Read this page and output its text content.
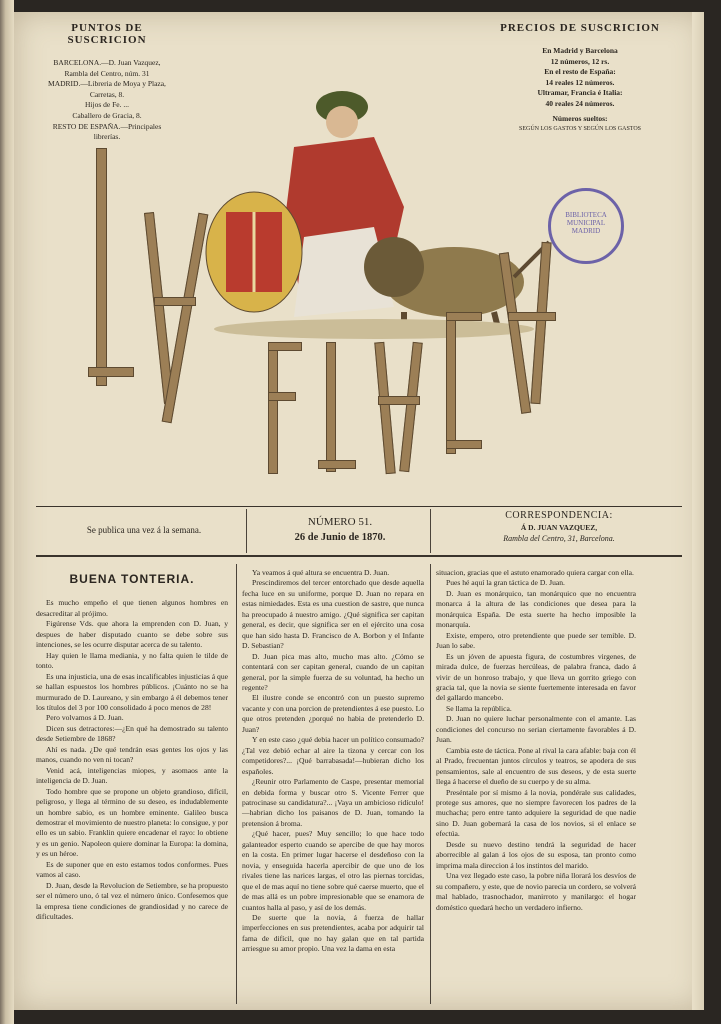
PUNTOS DE SUSCRICION
BARCELONA.—D. Juan Vazquez,
Rambla del Centro, núm. 31
MADRID.—Libreria de Moya y Plaza,
Carretas, 8.
Hijos de Fe. ...
Caballero de Gracia, 8.
RESTO DE ESPAÑA.—Principales
librerías.
PRECIOS DE SUSCRICION
En Madrid y Barcelona
12 números, 12 rs.
En el resto de España:
14 reales 12 números.
Ultramar, Francia é Italia:
40 reales 24 números.
Números sueltos:
SEGÚN LOS GASTOS Y SEGÚN LOS GASTOS
BIBLIOTECA MUNICIPAL MADRID
Se publica una vez á la semana.
NÚMERO 51.
26 de Junio de 1870.
CORRESPONDENCIA:
Á D. JUAN VAZQUEZ,
Rambla del Centro, 31, Barcelona.
BUENA TONTERIA.

Es mucho empeño el que tienen algunos hombres en desacreditar al prójimo.

Figúrense Vds. que ahora la emprenden con D. Juan, y despues de haber disputado cuanto se debe sobre sus intenciones, se les ocurre disputar acerca de su talento.

Hay quien le llama mediania, y no falta quien le tilde de tonto.

Es una injusticia, una de esas incalificables injusticias á que se hallan espuestos los hombres públicos. ¡Cuánto no se ha murmurado de D. Laureano, y sin embargo á él debemos tener los títulos del 3 por 100 consolidado á poco menos de 28!

Pero volvamos á D. Juan.

Dicen sus detractores:—¿En qué ha demostrado su talento desde Setiembre de 1868?

Ahí es nada. ¿De qué tendrán esas gentes los ojos y las manos, cuando no ven ni tocan?

Venid acá, inteligencias miopes, y asomaos ante la inteligencia de D. Juan.

Todo hombre que se propone un objeto grandioso, difícil, peligroso, y llega al término de su deseo, es indudablemente un hombre sabio, es un hombre eminente. Galileo busca demostrar el movimiento de nuestro planeta: lo consigue, y por ello es un sabio. Franklin quiere encadenar el rayo: lo obtiene y es un genio. Napoleon quiere dominar la Europa: la domina, y es un héroe.

Es de suponer que en esto estamos todos conformes. Pues vamos al caso.

D. Juan, desde la Revolucion de Setiembre, se ha propuesto ser el número uno, ó tal vez el número único. Confesemos que la empresa tiene condiciones de grandiosidad y no carece de dificultades.

Ya veamos á qué altura se encuentra D. Juan.

Prescindiremos del tercer entorchado que desde aquella fecha luce en su uniforme, porque D. Juan no repara en estas nimiedades. Esta es una cuestion de sastre, que nunca ha preocupado á nuestro amigo. ¿Qué significa ser capitan general, es decir, que significa ser en el ejército una cosa que han sido hasta D. Francisco de A. Borbon y el Infante D. Sebastian?

D. Juan pica mas alto, mucho mas alto. ¿Cómo se contentará con ser capitan general, cuando de un capitan general, por la simple fuerza de su voluntad, ha hecho un regente?

El ilustre conde se encontró con un puesto supremo vacante y con una porcion de pretendientes á ese puesto. Lo que otros pretenden ¿porqué no habia de pretenderlo D. Juan?

Y en este caso ¿qué debia hacer un político consumado? ¿Tal vez debió echar al aire la tizona y cercar con los competidores?... ¡Qué barrabasada!—hubieran dicho los españoles.

¿Reunir otro Parlamento de Caspe, presentar memorial en debida forma y buscar otro S. Vicente Ferrer que patrocinase su candidatura?... ¡Vaya un ambicioso ridículo!—habrian dicho los paisanos de D. Juan, tomando la pretension á broma.

¿Qué hacer, pues? Muy sencillo; lo que hace todo galanteador esperto cuando se apercibe de que hay moros en la costa. En primer lugar hacerse el desdeñoso con la novia, y enseguida hacerla apercibir de que uno de los rivales tiene las narices largas, el otro las piernas torcidas, que el de mas aquí no tiene sobre qué caerse muerto, que el de mas allá es un pobre impresionable que se enamora de cuantos halla al paso, y así de los demás.

De suerte que la novia, á fuerza de hallar imperfecciones en sus pretendientes, acaba por adquirir tal fama de difícil, que no hay galan que en tal partida arriesgue su amor propio. Una vez la dama en esta

situacion, gracias que el astuto enamorado quiera cargar con ella.

Pues hé aquí la gran táctica de D. Juan.

D. Juan es monárquico, tan monárquico que no encuentra monarca á la altura de las condiciones que desea para la monárquica España. De esta suerte ha hecho imposible la monarquía.

Existe, empero, otro pretendiente que puede ser temible. D. Juan lo sabe.

Es un jóven de apuesta figura, de costumbres virgenes, de mirada dulce, de fuerzas hercúleas, de palabra franca, dado á vivir de un honroso trabajo, y que lleva un gorrito griego con gracia tal, que la novia se siente fuertemente interesada en favor del gallardo mancebo.

Se llama la república.

D. Juan no quiere luchar personalmente con el amante. Las condiciones del concurso no serian ciertamente favorables á D. Juan.

Cambia este de táctica. Pone al rival la cara afable: baja con él al Prado, frecuentan juntos círculos y teatros, se apodera de sus pensamientos, sale al encuentro de sus deseos, y de esta suerte llega á hacerse el dueño de su cuerpo y de su alma.

Preséntale por sí mismo á la novia, pondérale sus calidades, protege sus amores, que no siempre favorecen los padres de la muchacha; pero entre tanto adquiere la seguridad de que nadie sino D. Juan gobernará la casa de los novios, si el enlace se efectúa.

Desde su nuevo destino tendrá la seguridad de hacer aborrecible al galan á los ojos de su esposa, tan pronto como imprima mala direccion á los instintos del marido.

Una vez llegado este caso, la pobre niña llorará los desvíos de su compañero, y este, que de novio parecia un cordero, se volverá mal hablado, trasnochador, manirroto y manilargo: el hogar doméstico quedará hecho un verdadero infierno.
